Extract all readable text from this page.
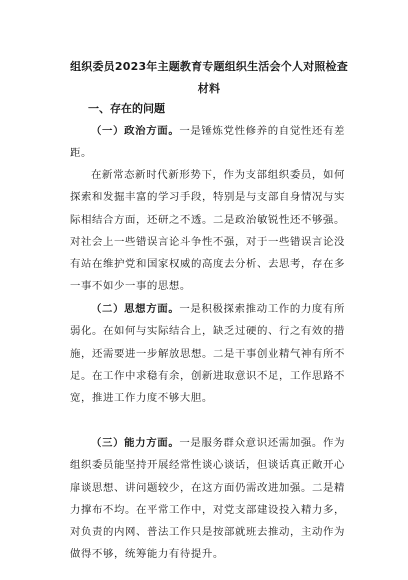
组织委员2023年主题教育专题组织生活会个人对照检查材料
一、存在的问题

（一）政治方面。一是锤炼党性修养的自觉性还有差距。

在新常态新时代新形势下，作为支部组织委员，如何探索和发掘丰富的学习手段，特别是与支部自身情况与实际相结合方面，还研之不透。二是政治敏锐性还不够强。对社会上一些错误言论斗争性不强，对于一些错误言论没有站在维护党和国家权威的高度去分析、去思考，存在多一事不如少一事的思想。

（二）思想方面。一是积极探索推动工作的力度有所弱化。在如何与实际结合上，缺乏过硬的、行之有效的措施，还需要进一步解放思想。二是干事创业精气神有所不足。在工作中求稳有余，创新进取意识不足，工作思路不宽，推进工作力度不够大胆。

（三）能力方面。一是服务群众意识还需加强。作为组织委员能坚持开展经常性谈心谈话，但谈话真正敞开心扉谈思想、讲问题较少，在这方面仍需改进加强。二是精力撑布不均。在平常工作中，对党支部建设投入精力多，对负责的内网、普法工作只是按部就班去推动，主动作为做得不够，统筹能力有待提升。
